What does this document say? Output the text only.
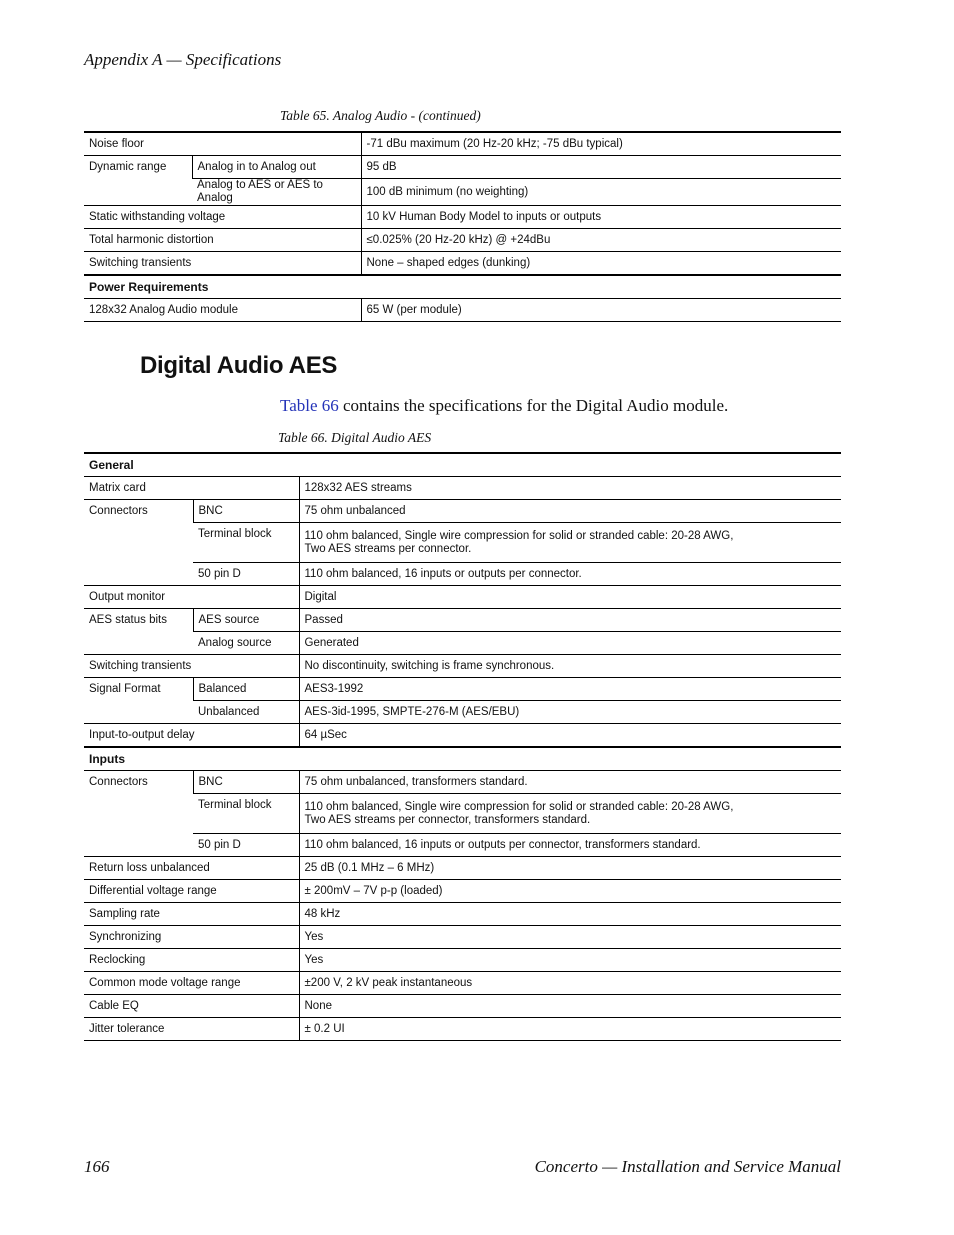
Appendix A — Specifications
Table 65. Analog Audio - (continued)
Noise floor		-71 dBu maximum (20 Hz-20 kHz; -75 dBu typical)
Dynamic range	Analog in to Analog out	95 dB
	Analog to AES or AES to Analog	100 dB minimum (no weighting)
Static withstanding voltage		10 kV Human Body Model to inputs or outputs
Total harmonic distortion		≤0.025% (20 Hz-20 kHz) @ +24dBu
Switching transients		None – shaped edges (dunking)
Power Requirements		
128x32 Analog Audio module		65 W (per module)
Digital Audio AES
Table 66 contains the specifications for the Digital Audio module.
Table 66. Digital Audio AES
General		
Matrix card		128x32 AES streams
Connectors	BNC	75 ohm unbalanced
	Terminal block	110 ohm balanced, Single wire compression for solid or stranded cable: 20-28 AWG,
Two AES streams per connector.

	50 pin D	110 ohm balanced, 16 inputs or outputs per connector.
Output monitor		Digital
AES status bits	AES source	Passed
	Analog source	Generated
Switching transients		No discontinuity, switching is frame synchronous.
Signal Format	Balanced	AES3-1992
	Unbalanced	AES-3id-1995, SMPTE-276-M (AES/EBU)
Input-to-output delay		64 µSec
Inputs		
Connectors	BNC	75 ohm unbalanced, transformers standard.
	Terminal block	110 ohm balanced, Single wire compression for solid or stranded cable: 20-28 AWG,
Two AES streams per connector, transformers standard.

	50 pin D	110 ohm balanced, 16 inputs or outputs per connector, transformers standard.
Return loss unbalanced		25 dB (0.1 MHz – 6 MHz)
Differential voltage range		± 200mV – 7V p-p (loaded)
Sampling rate		48 kHz
Synchronizing		Yes
Reclocking		Yes
Common mode voltage range		±200 V, 2 kV peak instantaneous
Cable EQ		None
Jitter tolerance		± 0.2 UI
166	Concerto — Installation and Service Manual
